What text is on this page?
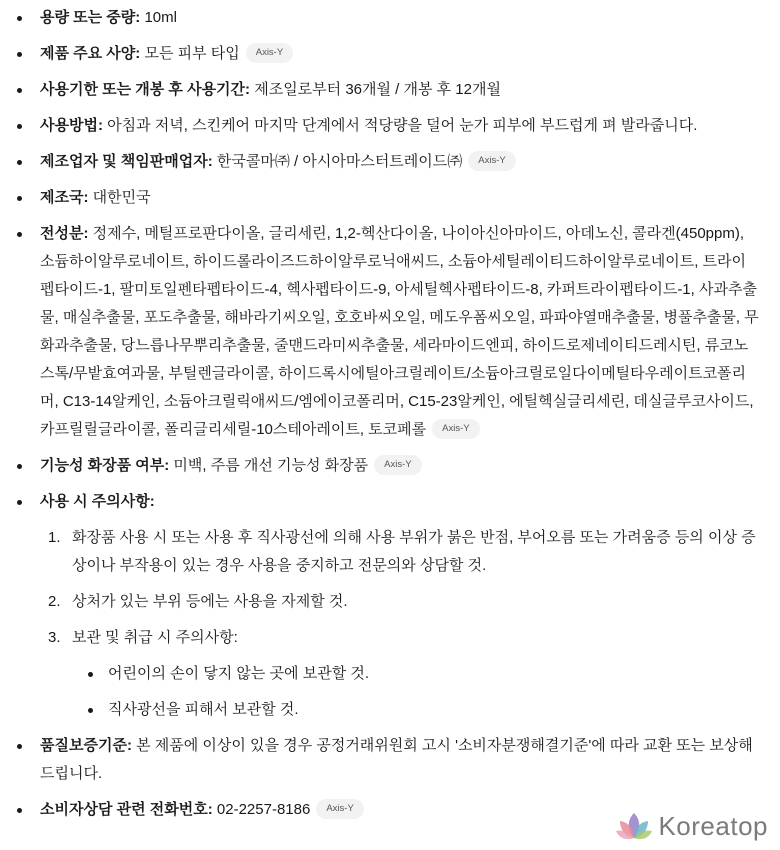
용량 또는 중량: 10ml
제품 주요 사양: 모든 피부 타입 Axis-Y
사용기한 또는 개봉 후 사용기간: 제조일로부터 36개월 / 개봉 후 12개월
사용방법: 아침과 저녁, 스킨케어 마지막 단계에서 적당량을 덜어 눈가 피부에 부드럽게 펴 발라줍니다.
제조업자 및 책임판매업자: 한국콜마㈜ / 아시아마스터트레이드㈜ Axis-Y
제조국: 대한민국
전성분: 정제수, 메틸프로판다이올, 글리세린, 1,2-헥산다이올, 나이아신아마이드, 아데노신, 콜라겐(450ppm), 소듐하이알루로네이트, 하이드롤라이즈드하이알루로닉애씨드, 소듐아세틸레이티드하이알루로네이트, 트라이펩타이드-1, 팔미토일펜타펩타이드-4, 헥사펩타이드-9, 아세틸헥사펩타이드-8, 카퍼트라이펩타이드-1, 사과추출물, 매실추출물, 포도추출물, 해바라기씨오일, 호호바씨오일, 메도우폼씨오일, 파파야열매추출물, 병풀추출물, 무화과추출물, 당느릅나무뿌리추출물, 줄맨드라미씨추출물, 세라마이드엔피, 하이드로제네이티드레시틴, 류코노스톡/무밭효여과물, 부틸렌글라이콜, 하이드록시에틸아크릴레이트/소듐아크릴로일다이메틸타우레이트코폴리머, C13-14알케인, 소듐아크릴릭애씨드/엠에이코폴리머, C15-23알케인, 에틸헥실글리세린, 데실글루코사이드, 카프릴릴글라이콜, 폴리글리세릴-10스테아레이트, 토코페롤 Axis-Y
기능성 화장품 여부: 미백, 주름 개선 기능성 화장품 Axis-Y
사용 시 주의사항:
1. 화장품 사용 시 또는 사용 후 직사광선에 의해 사용 부위가 붉은 반점, 부어오름 또는 가려움증 등의 이상 증상이나 부작용이 있는 경우 사용을 중지하고 전문의와 상담할 것.
2. 상처가 있는 부위 등에는 사용을 자제할 것.
3. 보관 및 취급 시 주의사항:
어린이의 손이 닿지 않는 곳에 보관할 것.
직사광선을 피해서 보관할 것.
품질보증기준: 본 제품에 이상이 있을 경우 공정거래위원회 고시 '소비자분쟁해결기준'에 따라 교환 또는 보상해드립니다.
소비자상담 관련 전화번호: 02-2257-8186 Axis-Y
Koreatop
